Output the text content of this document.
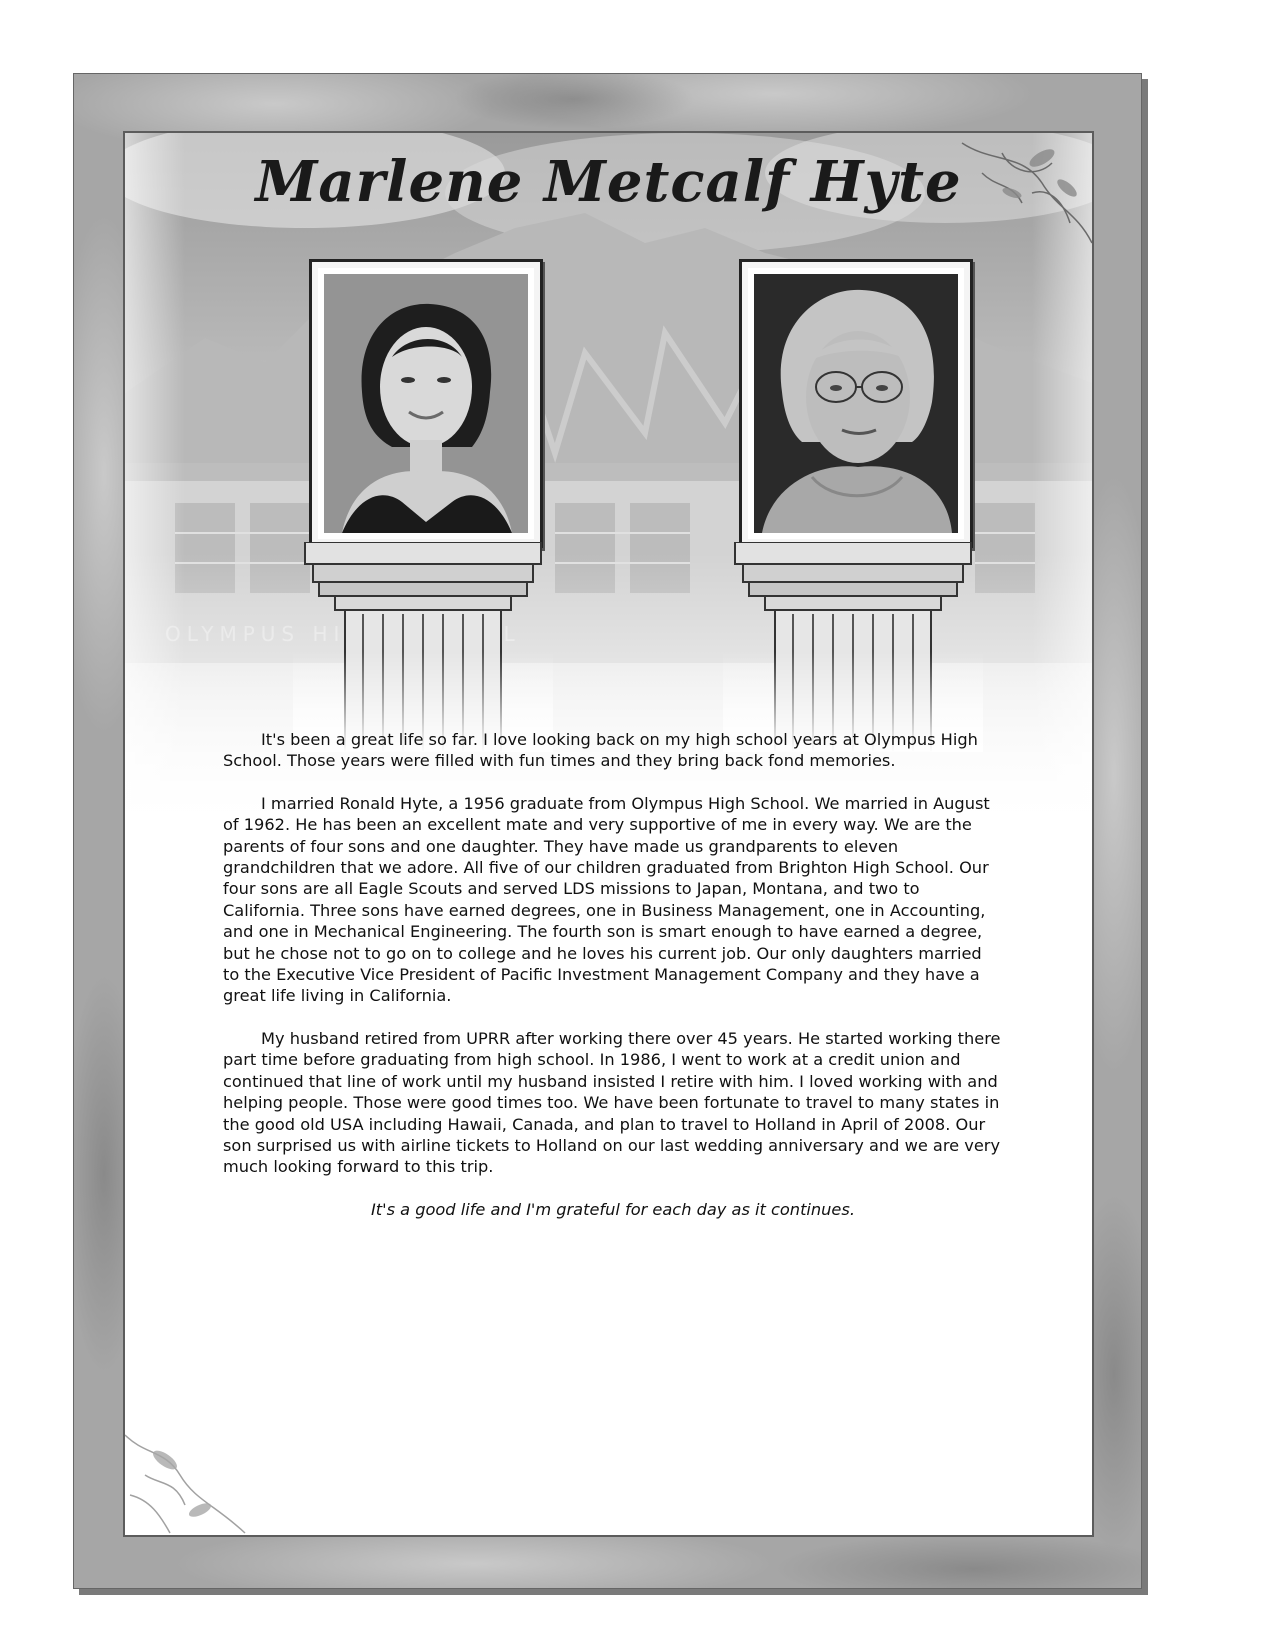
Marlene Metcalf Hyte

It's been a great life so far. I love looking back on my high school years at Olympus High School. Those years were filled with fun times and they bring back fond memories.

I married Ronald Hyte, a 1956 graduate from Olympus High School. We married in August of 1962. He has been an excellent mate and very supportive of me in every way. We are the parents of four sons and one daughter. They have made us grandparents to eleven grandchildren that we adore. All five of our children graduated from Brighton High School. Our four sons are all Eagle Scouts and served LDS missions to Japan, Montana, and two to California. Three sons have earned degrees, one in Business Management, one in Accounting, and one in Mechanical Engineering. The fourth son is smart enough to have earned a degree, but he chose not to go on to college and he loves his current job. Our only daughters married to the Executive Vice President of Pacific Investment Management Company and they have a great life living in California.

My husband retired from UPRR after working there over 45 years. He started working there part time before graduating from high school. In 1986, I went to work at a credit union and continued that line of work until my husband insisted I retire with him. I loved working with and helping people. Those were good times too. We have been fortunate to travel to many states in the good old USA including Hawaii, Canada, and plan to travel to Holland in April of 2008. Our son surprised us with airline tickets to Holland on our last wedding anniversary and we are very much looking forward to this trip.

It's a good life and I'm grateful for each day as it continues.
